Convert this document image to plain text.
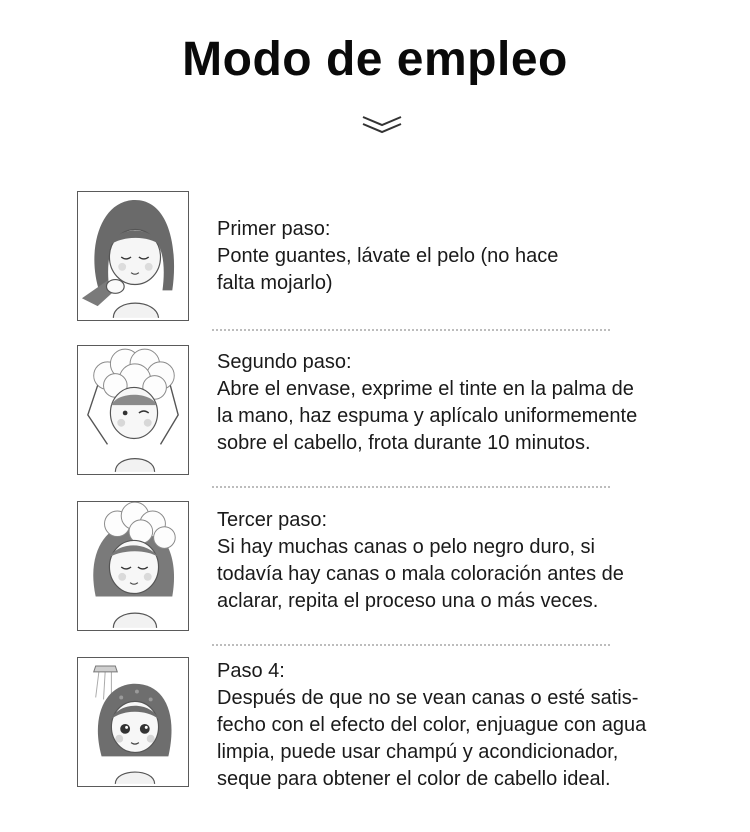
Modo de empleo
Primer paso:
Ponte guantes, lávate el pelo (no hace
falta mojarlo)
Segundo paso:
Abre el envase, exprime el tinte en la palma de
la mano, haz espuma y aplícalo uniformemente
sobre el cabello, frota durante 10 minutos.
Tercer paso:
Si hay muchas canas o pelo negro duro, si
todavía hay canas o mala coloración antes de
aclarar, repita el proceso una o más veces.
Paso 4:
Después de que no se vean canas o esté satis-
fecho con el efecto del color, enjuague con agua
limpia, puede usar champú y acondicionador,
seque para obtener el color de cabello ideal.
